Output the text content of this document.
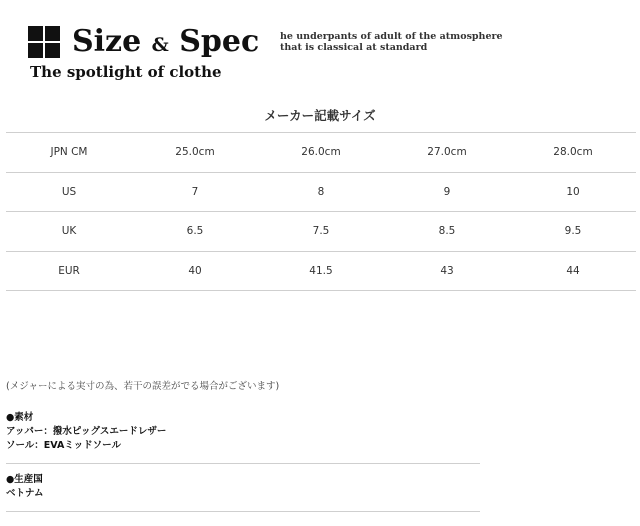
Size & Spec
The spotlight of clothe
he underpants of adult of the atmosphere
that is classical at standard
メーカー記載サイズ
JPN CM	25.0cm	26.0cm	27.0cm	28.0cm
US	7	8	9	10
UK	6.5	7.5	8.5	9.5
EUR	40	41.5	43	44
(メジャーによる実寸の為、若干の誤差がでる場合がございます)
●素材
アッパー：撥水ピッグスエードレザー
ソール：EVAミッドソール
●生産国
ベトナム
